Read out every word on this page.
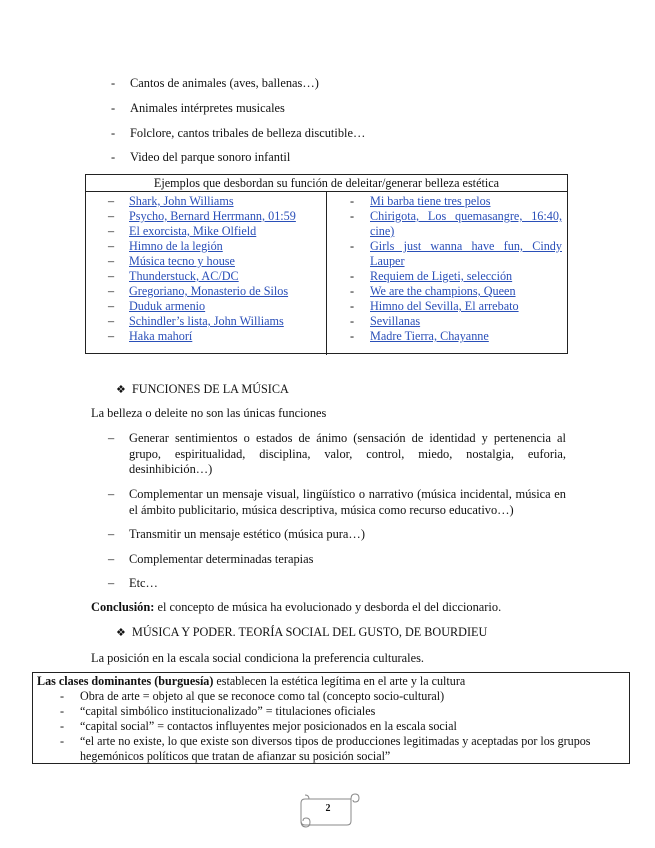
- Cantos de animales (aves, ballenas…)
- Animales intérpretes musicales
- Folclore, cantos tribales de belleza discutible…
- Video del parque sonoro infantil
Ejemplos que desbordan su función de deleitar/generar belleza estética
– Shark, John Williams
– Psycho, Bernard Herrmann, 01:59
– El exorcista, Mike Olfield
– Himno de la legión
– Música tecno y house
– Thunderstuck, AC/DC
– Gregoriano, Monasterio de Silos
– Duduk armenio
– Schindler’s lista, John Williams
– Haka mahorí
- Mi barba tiene tres pelos
- Chirigota, Los quemasangre, 16:40, cine)
- Girls just wanna have fun, Cindy Lauper
- Requiem de Ligeti, selección
- We are the champions, Queen
- Himno del Sevilla, El arrebato
- Sevillanas
- Madre Tierra, Chayanne
❖ FUNCIONES DE LA MÚSICA
La belleza o deleite no son las únicas funciones
–	Generar sentimientos o estados de ánimo (sensación de identidad y pertenencia al grupo, espiritualidad, disciplina, valor, control, miedo, nostalgia, euforia, desinhibición…)
–	Complementar un mensaje visual, lingüístico o narrativo (música incidental, música en el ámbito publicitario, música descriptiva, música como recurso educativo…)
–	Transmitir un mensaje estético (música pura…)
–	Complementar determinadas terapias
–	Etc…
Conclusión: el concepto de música ha evolucionado y desborda el del diccionario.
❖ MÚSICA Y PODER. TEORÍA SOCIAL DEL GUSTO, DE BOURDIEU
La posición en la escala social condiciona la preferencia culturales.
Las clases dominantes (burguesía) establecen la estética legítima en el arte y la cultura
-	Obra de arte = objeto al que se reconoce como tal (concepto socio-cultural)
-	“capital simbólico institucionalizado” = titulaciones oficiales
-	“capital social” = contactos influyentes mejor posicionados en la escala social
-	“el arte no existe, lo que existe son diversos tipos de producciones legitimadas y aceptadas por los grupos hegemónicos políticos que tratan de afianzar su posición social”
2
